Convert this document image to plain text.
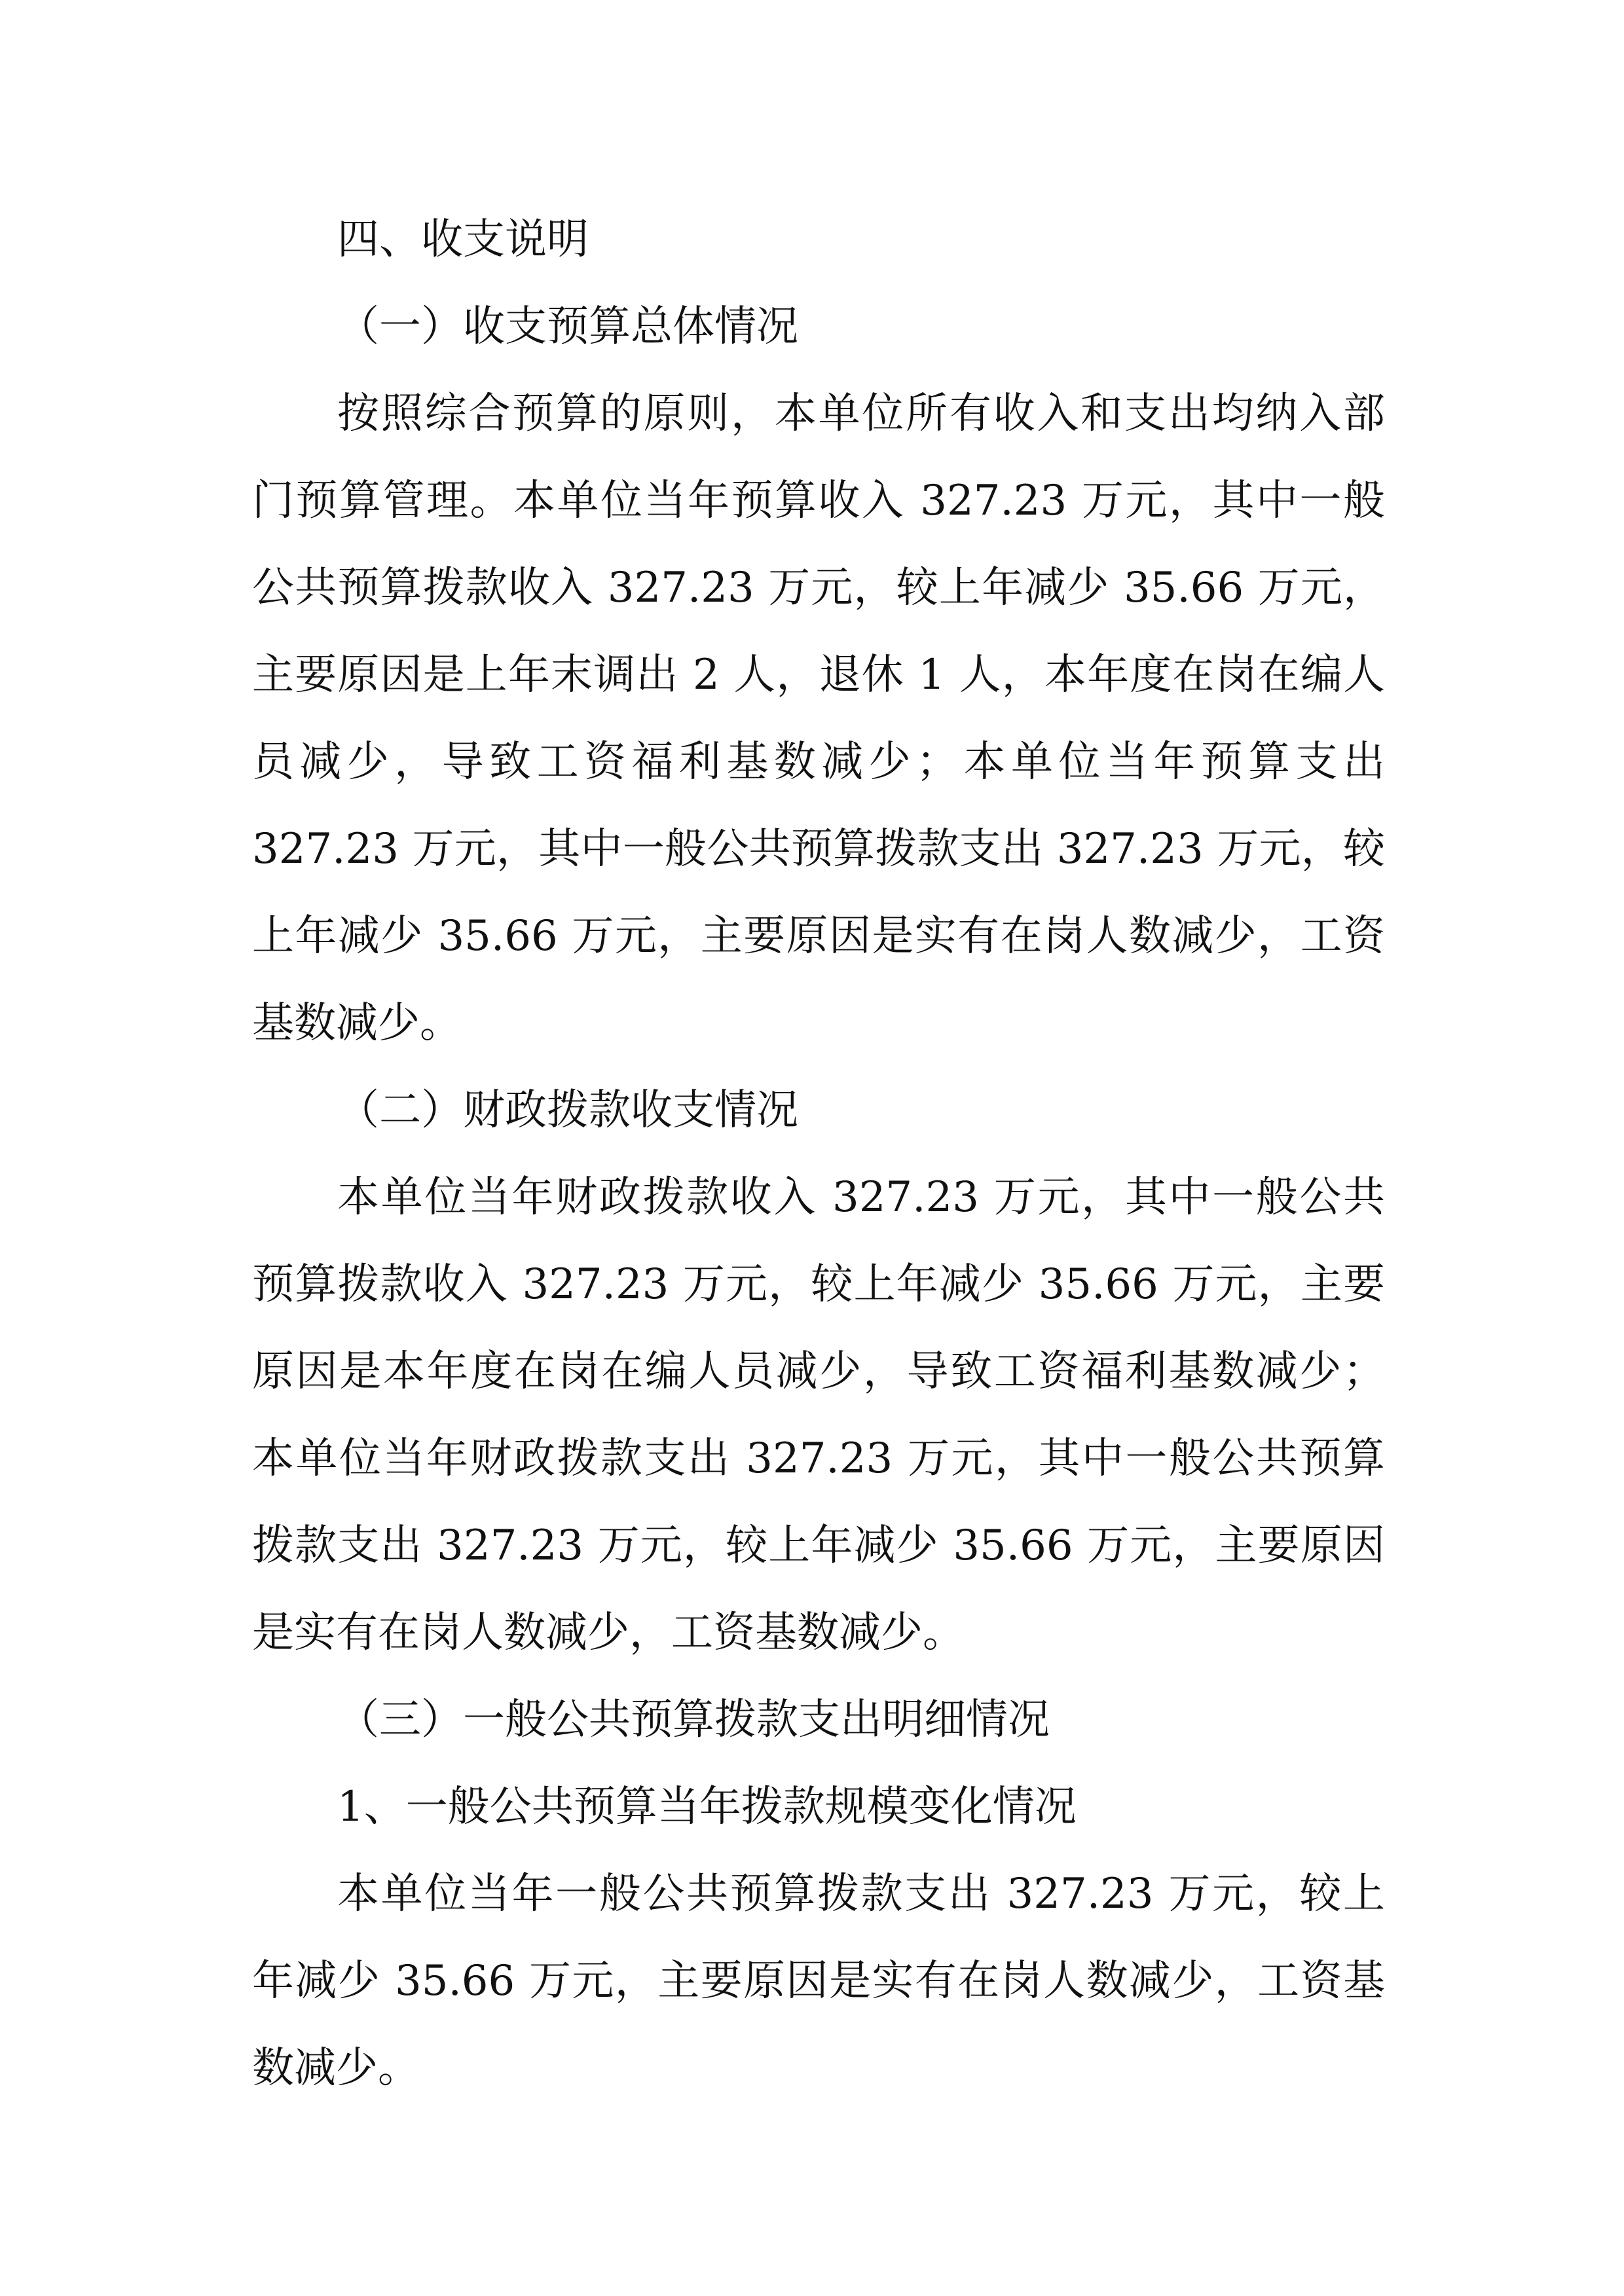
四、收支说明
（一）收支预算总体情况
按照综合预算的原则，本单位所有收入和支出均纳入部
门预算管理。本单位当年预算收入 327.23 万元，其中一般
公共预算拨款收入 327.23 万元，较上年减少 35.66 万元，
主要原因是上年末调出 2 人，退休 1 人，本年度在岗在编人
员减少，导致工资福利基数减少；本单位当年预算支出
327.23 万元，其中一般公共预算拨款支出 327.23 万元，较
上年减少 35.66 万元，主要原因是实有在岗人数减少，工资
基数减少。
（二）财政拨款收支情况
本单位当年财政拨款收入 327.23 万元，其中一般公共
预算拨款收入 327.23 万元，较上年减少 35.66 万元，主要
原因是本年度在岗在编人员减少，导致工资福利基数减少；
本单位当年财政拨款支出 327.23 万元，其中一般公共预算
拨款支出 327.23 万元，较上年减少 35.66 万元，主要原因
是实有在岗人数减少，工资基数减少。
（三）一般公共预算拨款支出明细情况
1、一般公共预算当年拨款规模变化情况
本单位当年一般公共预算拨款支出 327.23 万元，较上
年减少 35.66 万元，主要原因是实有在岗人数减少，工资基
数减少。
